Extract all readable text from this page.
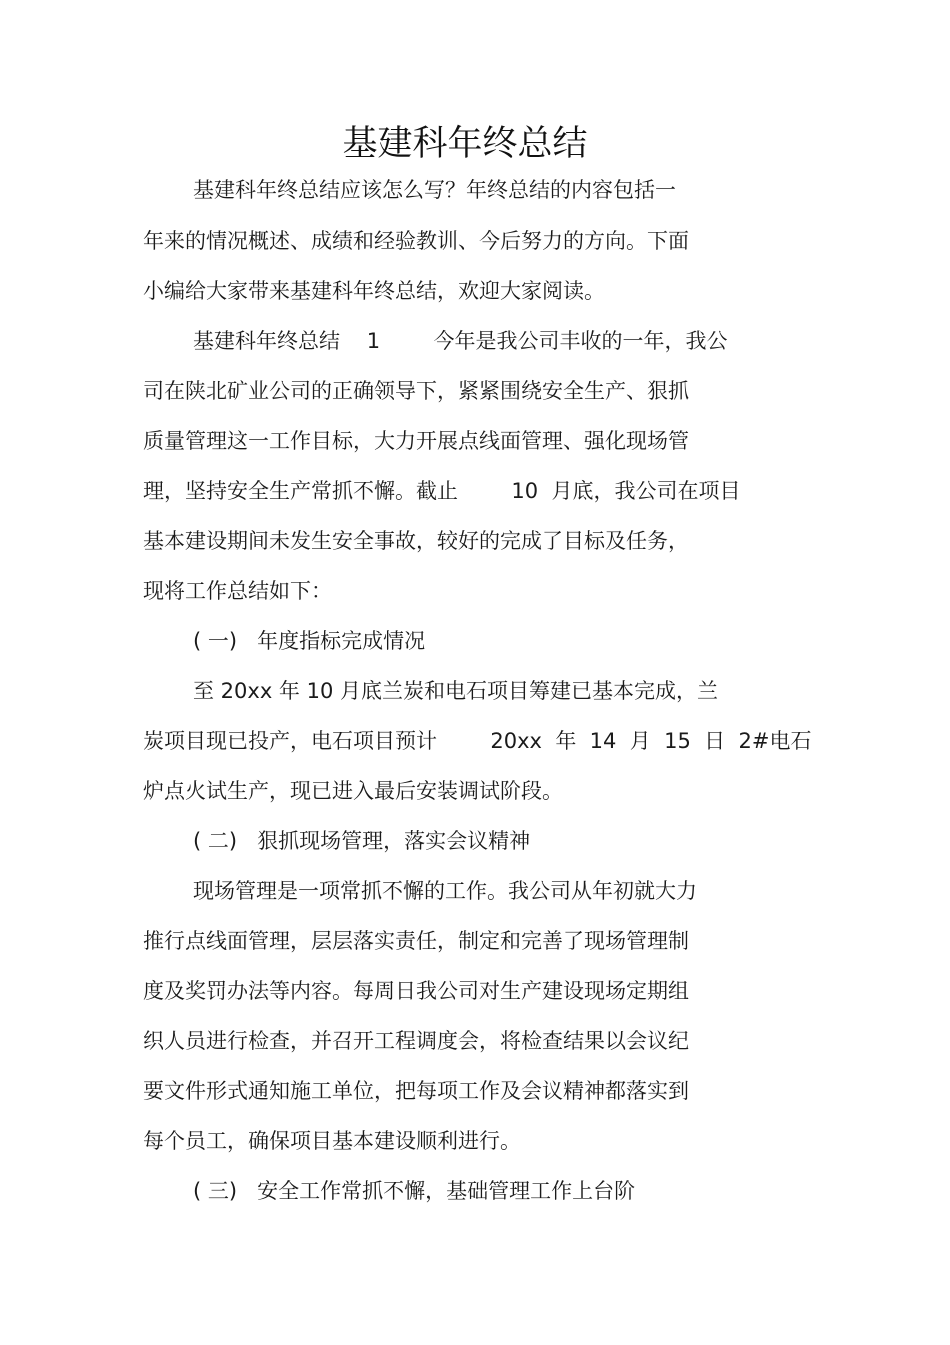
基建科年终总结
基建科年终总结应该怎么写？年终总结的内容包括一
年来的情况概述、成绩和经验教训、今后努力的方向。下面
小编给大家带来基建科年终总结，欢迎大家阅读。
基建科年终总结    1        今年是我公司丰收的一年，我公
司在陕北矿业公司的正确领导下，紧紧围绕安全生产、狠抓
质量管理这一工作目标，大力开展点线面管理、强化现场管
理，坚持安全生产常抓不懈。截止        10  月底，我公司在项目
基本建设期间未发生安全事故，较好的完成了目标及任务，
现将工作总结如下：
( 一)   年度指标完成情况
至 20xx 年 10 月底兰炭和电石项目筹建已基本完成，兰
炭项目现已投产，电石项目预计        20xx  年  14  月  15  日  2#电石
炉点火试生产，现已进入最后安装调试阶段。
( 二)   狠抓现场管理，落实会议精神
现场管理是一项常抓不懈的工作。我公司从年初就大力
推行点线面管理，层层落实责任，制定和完善了现场管理制
度及奖罚办法等内容。每周日我公司对生产建设现场定期组
织人员进行检查，并召开工程调度会，将检查结果以会议纪
要文件形式通知施工单位，把每项工作及会议精神都落实到
每个员工，确保项目基本建设顺利进行。
( 三)   安全工作常抓不懈，基础管理工作上台阶
